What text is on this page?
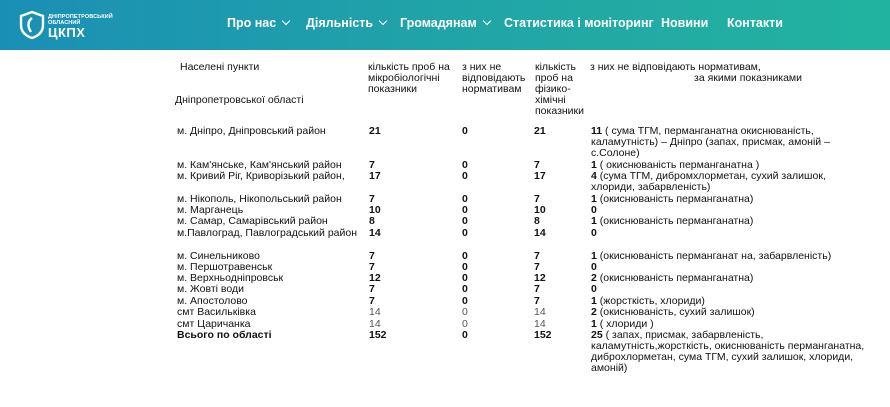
ДНІПРОПЕТРОВСЬКИЙ ОБЛАСНИЙ
ЦКПХ
Про нас	Діяльність	Громадянам	Статистика і моніторинг Новини Контакти
Населені пункти
Дніпропетровської області
кількість проб на мікробіологічні показники
з них не відповідають нормативам
кількість проб на фізико-хімічні показники
з них не відповідають нормативам,
за якими показниками
м. Дніпро, Дніпровський район	21	0	21	11 ( сума ТГМ, перманганатна окиснюваність, каламутність) – Дніпро (запах, присмак, амоній – с.Солоне)
м. Кам'янське, Кам'янський район	7	0	7	1 ( окиснюваність перманганатна )
м. Кривий Ріг, Криворізький район,	17	0	17	4 (сума ТГМ, дибромхлорметан, сухий залишок, хлориди, забарвленість)
м. Нікополь, Нікопольський район	7	0	7	1 (окиснюваність перманганатна)
м. Марганець	10	0	10	0
м. Самар, Самарівський район	8	0	8	1 (окиснюваність перманганатна)
м.Павлоград, Павлоградський район 14	0	14	0
м. Синельниково	7	0	7	1 (окиснюваність перманганат на, забарвленість)
м. Першотравенськ	7	0	7	0
м. Верхньодніпровськ	12	0	12	2 (окиснюваність перманганатна)
м. Жовті води	7	0	7	0
м. Апостолово	7	0	7	1 (жорсткість, хлориди)
смт Васильківка	14	0	14	2 (окиснюваність, сухий залишок)
смт Царичанка	14	0	14	1 ( хлориди )
Всього по області	152	0	152	25 ( запах, присмак, забарвленість, каламутність,жорсткість, окиснюваність перманганатна, диброхлорметан, сума ТГМ, сухий залишок, хлориди, амоній)
